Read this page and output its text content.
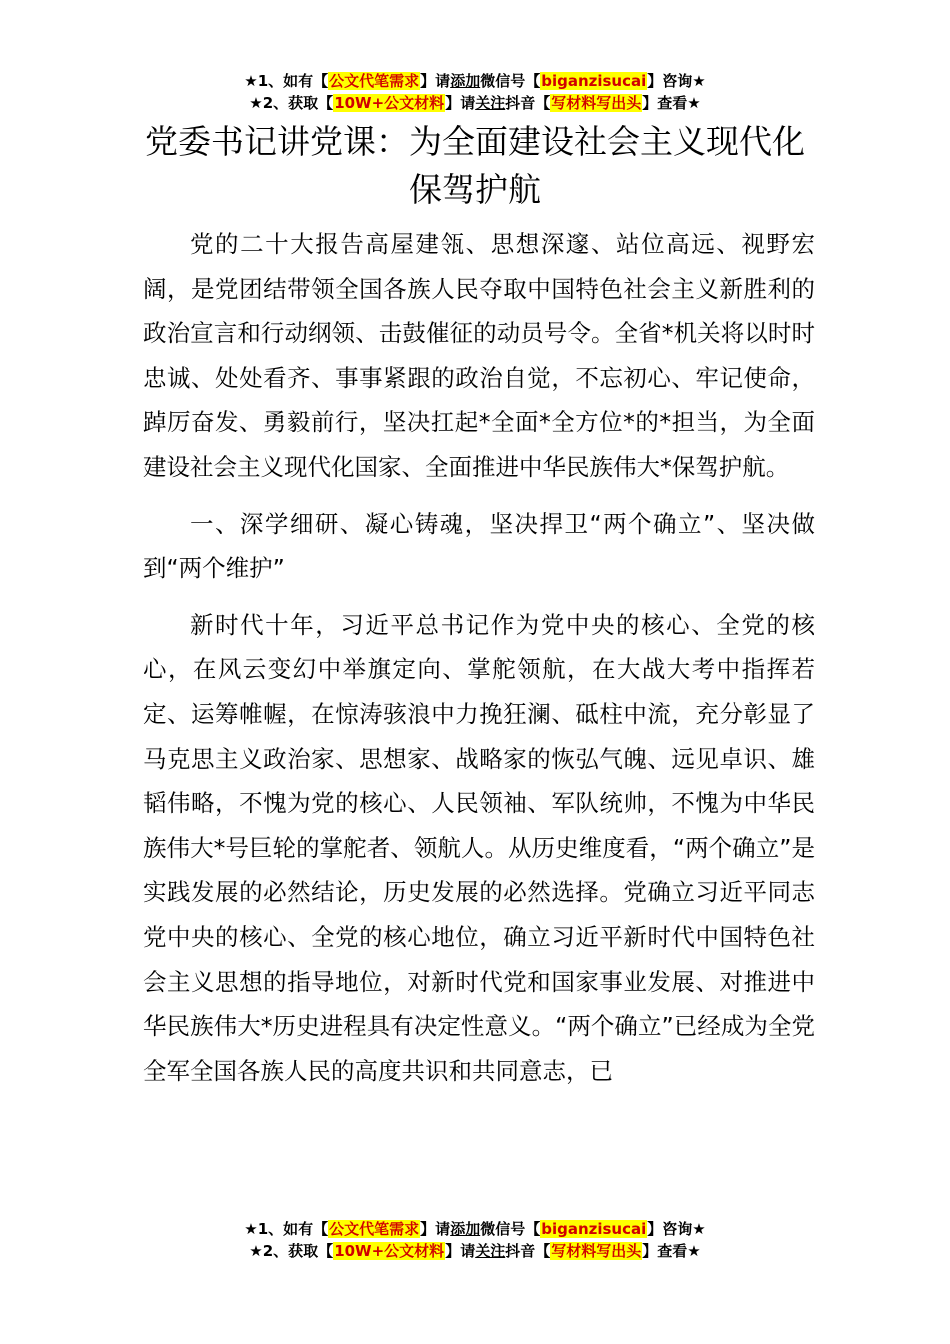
★1、如有【公文代笔需求】请添加微信号【biganzisucai】咨询★
★2、获取【10W+公文材料】请关注抖音【写材料写出头】查看★
党委书记讲党课：为全面建设社会主义现代化保驾护航

党的二十大报告高屋建瓴、思想深邃、站位高远、视野宏阔，是党团结带领全国各族人民夺取中国特色社会主义新胜利的政治宣言和行动纲领、击鼓催征的动员号令。全省*机关将以时时忠诚、处处看齐、事事紧跟的政治自觉，不忘初心、牢记使命，踔厉奋发、勇毅前行，坚决扛起*全面*全方位*的*担当，为全面建设社会主义现代化国家、全面推进中华民族伟大*保驾护航。

一、深学细研、凝心铸魂，坚决捍卫“两个确立”、坚决做到“两个维护”

新时代十年，习近平总书记作为党中央的核心、全党的核心，在风云变幻中举旗定向、掌舵领航，在大战大考中指挥若定、运筹帷幄，在惊涛骇浪中力挽狂澜、砥柱中流，充分彰显了马克思主义政治家、思想家、战略家的恢弘气魄、远见卓识、雄韬伟略，不愧为党的核心、人民领袖、军队统帅，不愧为中华民族伟大*号巨轮的掌舵者、领航人。从历史维度看，“两个确立”是实践发展的必然结论，历史发展的必然选择。党确立习近平同志党中央的核心、全党的核心地位，确立习近平新时代中国特色社会主义思想的指导地位，对新时代党和国家事业发展、对推进中华民族伟大*历史进程具有决定性意义。“两个确立”已经成为全党全军全国各族人民的高度共识和共同意志，已

★1、如有【公文代笔需求】请添加微信号【biganzisucai】咨询★
★2、获取【10W+公文材料】请关注抖音【写材料写出头】查看★
